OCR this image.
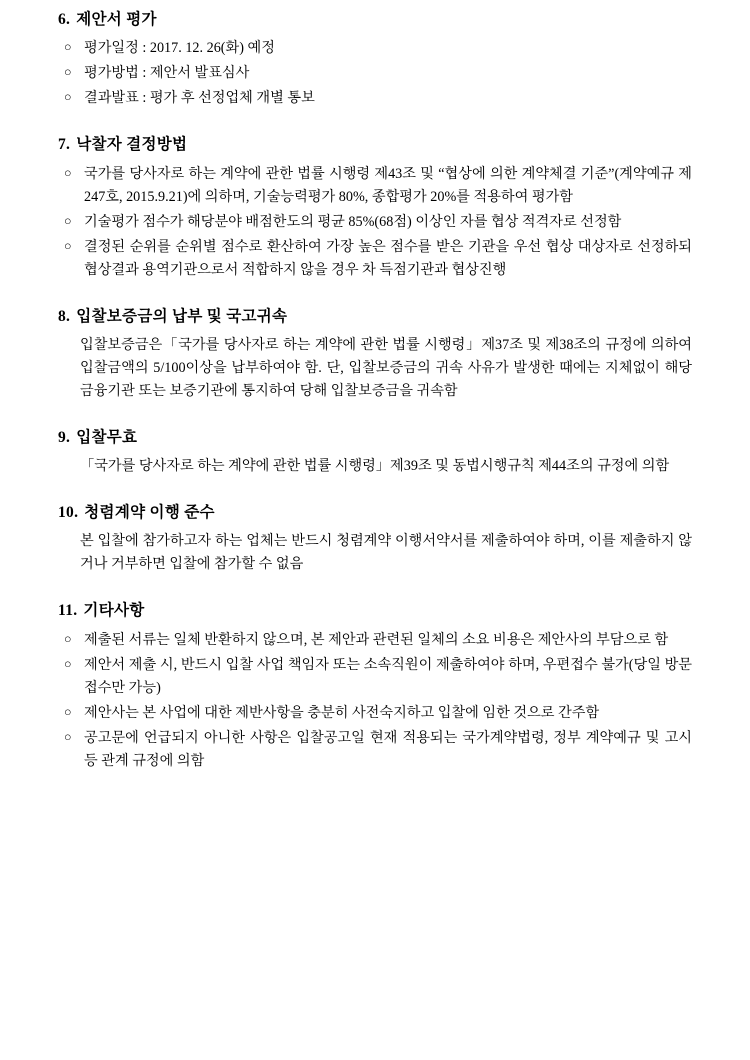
6. 제안서 평가

○ 평가일정 : 2017. 12. 26(화) 예정
○ 평가방법 : 제안서 발표심사
○ 결과발표 : 평가 후 선정업체 개별 통보

7. 낙찰자 결정방법

○ 국가를 당사자로 하는 계약에 관한 법률 시행령 제43조 및 “협상에 의한 계약체결 기준”(계약예규 제247호, 2015.9.21)에 의하며, 기술능력평가 80%, 종합평가 20%를 적용하여 평가함
○ 기술평가 점수가 해당분야 배점한도의 평균 85%(68점) 이상인 자를 협상 적격자로 선정함
○ 결정된 순위를 순위별 점수로 환산하여 가장 높은 점수를 받은 기관을 우선 협상 대상자로 선정하되 협상결과 용역기관으로서 적합하지 않을 경우 차 득점기관과 협상진행

8. 입찰보증금의 납부 및 국고귀속

입찰보증금은「국가를 당사자로 하는 계약에 관한 법률 시행령」제37조 및 제38조의 규정에 의하여 입찰금액의 5/100이상을 납부하여야 함. 단, 입찰보증금의 귀속 사유가 발생한 때에는 지체없이 해당 금융기관 또는 보증기관에 통지하여 당해 입찰보증금을 귀속함

9. 입찰무효

「국가를 당사자로 하는 계약에 관한 법률 시행령」제39조 및 동법시행규칙 제44조의 규정에 의함

10. 청렴계약 이행 준수

본 입찰에 참가하고자 하는 업체는 반드시 청렴계약 이행서약서를 제출하여야 하며, 이를 제출하지 않거나 거부하면 입찰에 참가할 수 없음

11. 기타사항

○ 제출된 서류는 일체 반환하지 않으며, 본 제안과 관련된 일체의 소요 비용은 제안사의 부담으로 함
○ 제안서 제출 시, 반드시 입찰 사업 책임자 또는 소속직원이 제출하여야 하며, 우편접수 불가(당일 방문접수만 가능)
○ 제안사는 본 사업에 대한 제반사항을 충분히 사전숙지하고 입찰에 임한 것으로 간주함
○ 공고문에 언급되지 아니한 사항은 입찰공고일 현재 적용되는 국가계약법령, 정부 계약예규 및 고시 등 관계 규정에 의함
